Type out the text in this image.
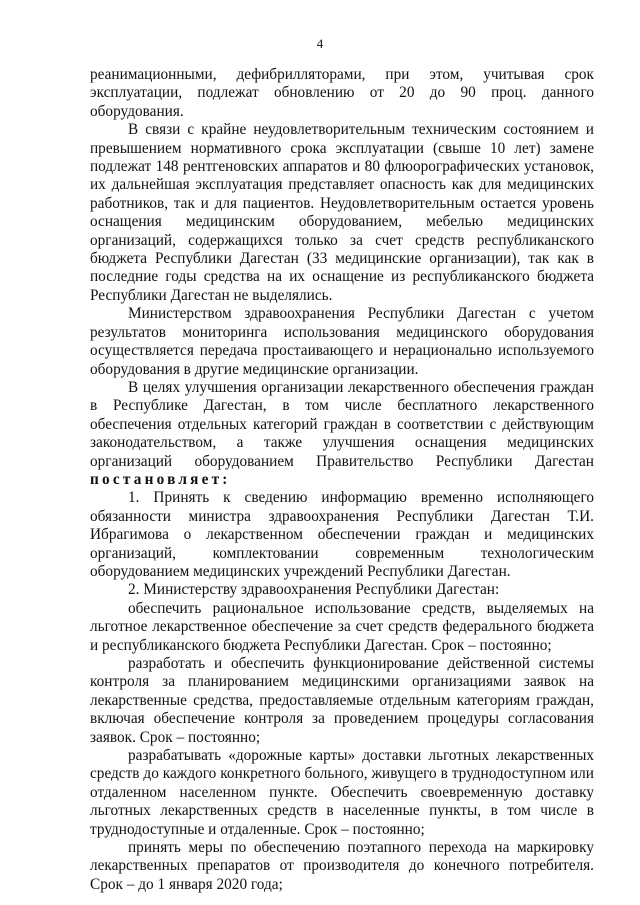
4

реанимационными, дефибрилляторами, при этом, учитывая срок эксплуатации, подлежат обновлению от 20 до 90 проц. данного оборудования.

В связи с крайне неудовлетворительным техническим состоянием и превышением нормативного срока эксплуатации (свыше 10 лет) замене подлежат 148 рентгеновских аппаратов и 80 флюорографических установок, их дальнейшая эксплуатация представляет опасность как для медицинских работников, так и для пациентов. Неудовлетворительным остается уровень оснащения медицинским оборудованием, мебелью медицинских организаций, содержащихся только за счет средств республиканского бюджета Республики Дагестан (33 медицинские организации), так как в последние годы средства на их оснащение из республиканского бюджета Республики Дагестан не выделялись.

Министерством здравоохранения Республики Дагестан с учетом результатов мониторинга использования медицинского оборудования осуществляется передача простаивающего и нерационально используемого оборудования в другие медицинские организации.

В целях улучшения организации лекарственного обеспечения граждан в Республике Дагестан, в том числе бесплатного лекарственного обеспечения отдельных категорий граждан в соответствии с действующим законодательством, а также улучшения оснащения медицинских организаций оборудованием Правительство Республики Дагестан постановляет:

1. Принять к сведению информацию временно исполняющего обязанности министра здравоохранения Республики Дагестан Т.И. Ибрагимова о лекарственном обеспечении граждан и медицинских организаций, комплектовании современным технологическим оборудованием медицинских учреждений Республики Дагестан.

2. Министерству здравоохранения Республики Дагестан:

обеспечить рациональное использование средств, выделяемых на льготное лекарственное обеспечение за счет средств федерального бюджета и республиканского бюджета Республики Дагестан. Срок – постоянно;

разработать и обеспечить функционирование действенной системы контроля за планированием медицинскими организациями заявок на лекарственные средства, предоставляемые отдельным категориям граждан, включая обеспечение контроля за проведением процедуры согласования заявок. Срок – постоянно;

разрабатывать «дорожные карты» доставки льготных лекарственных средств до каждого конкретного больного, живущего в труднодоступном или отдаленном населенном пункте. Обеспечить своевременную доставку льготных лекарственных средств в населенные пункты, в том числе в труднодоступные и отдаленные. Срок – постоянно;

принять меры по обеспечению поэтапного перехода на маркировку лекарственных препаратов от производителя до конечного потребителя. Срок – до 1 января 2020 года;
